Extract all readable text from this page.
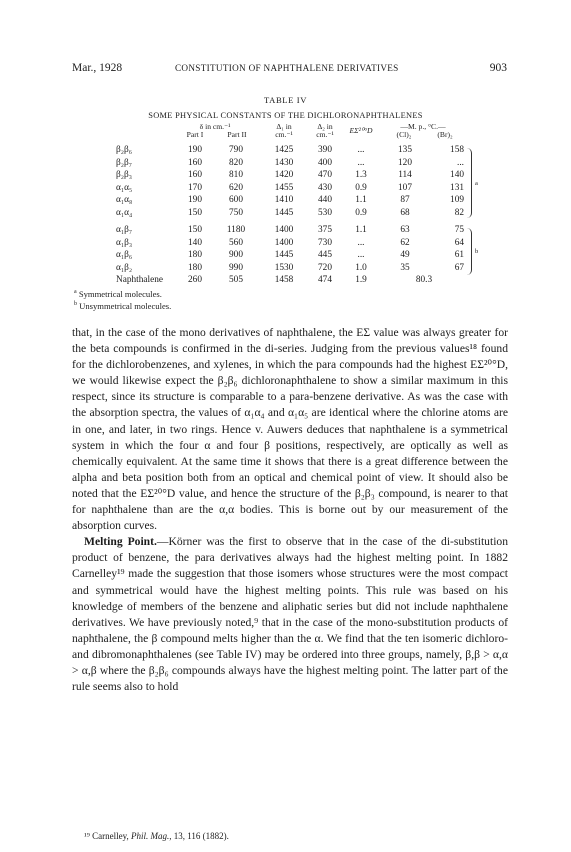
Mar., 1928	CONSTITUTION OF NAPHTHALENE DERIVATIVES	903
TABLE IV
SOME PHYSICAL CONSTANTS OF THE DICHLORONAPHTHALENES
δ in cm.⁻¹
Part I	Part II
Δ₁ in
cm.⁻¹
Δ₂ in
cm.⁻¹	EΣ²⁰°D	—M. p., °C.—
(Cl)₂	(Br)₂
β₂β₆	190	790	1425	390	...	135	158
β₂β₇	160	820	1430	400	...	120	...
β₂β₃	160	810	1420	470	1.3	114	140
α₁α₅	170	620	1455	430	0.9	107	131
α₁α₈	190	600	1410	440	1.1	87	109
α₁α₄	150	750	1445	530	0.9	68	82
a
α₁β₇	150	1180	1400	375	1.1	63	75
α₁β₃	140	560	1400	730	...	62	64
α₁β₆	180	900	1445	445	...	49	61
α₁β₂	180	990	1530	720	1.0	35	67
b
Naphthalene	260	505	1458	474	1.9	80.3
$^a$ Symmetrical molecules.
$^b$ Unsymmetrical molecules.

that, in the case of the mono derivatives of naphthalene, the EΣ value was always greater for the beta compounds is confirmed in the di-series. Judging from the previous values¹⁸ found for the dichlorobenzenes, and xylenes, in which the para compounds had the highest EΣ²⁰°D, we would likewise expect the β₂β₆ dichloronaphthalene to show a similar maximum in this respect, since its structure is comparable to a para-benzene derivative. As was the case with the absorption spectra, the values of α₁α₄ and α₁α₅ are identical where the chlorine atoms are in one, and later, in two rings. Hence v. Auwers deduces that naphthalene is a symmetrical system in which the four α and four β positions, respectively, are optically as well as chemically equivalent. At the same time it shows that there is a great difference between the alpha and beta position both from an optical and chemical point of view. It should also be noted that the EΣ²⁰°D value, and hence the structure of the β₂β₃ compound, is nearer to that for naphthalene than are the α,α bodies. This is borne out by our measurement of the absorption curves.

Melting Point.—Körner was the first to observe that in the case of the di-substitution product of benzene, the para derivatives always had the highest melting point. In 1882 Carnelley¹⁹ made the suggestion that those isomers whose structures were the most compact and symmetrical would have the highest melting points. This rule was based on his knowledge of members of the benzene and aliphatic series but did not include naphthalene derivatives. We have previously noted,⁹ that in the case of the mono-substitution products of naphthalene, the β compound melts higher than the α. We find that the ten isomeric dichloro- and dibromonaphthalenes (see Table IV) may be ordered into three groups, namely, β,β > α,α > α,β where the β₂β₆ compounds always have the highest melting point. The latter part of the rule seems also to hold

¹⁹ Carnelley, Phil. Mag., 13, 116 (1882).
